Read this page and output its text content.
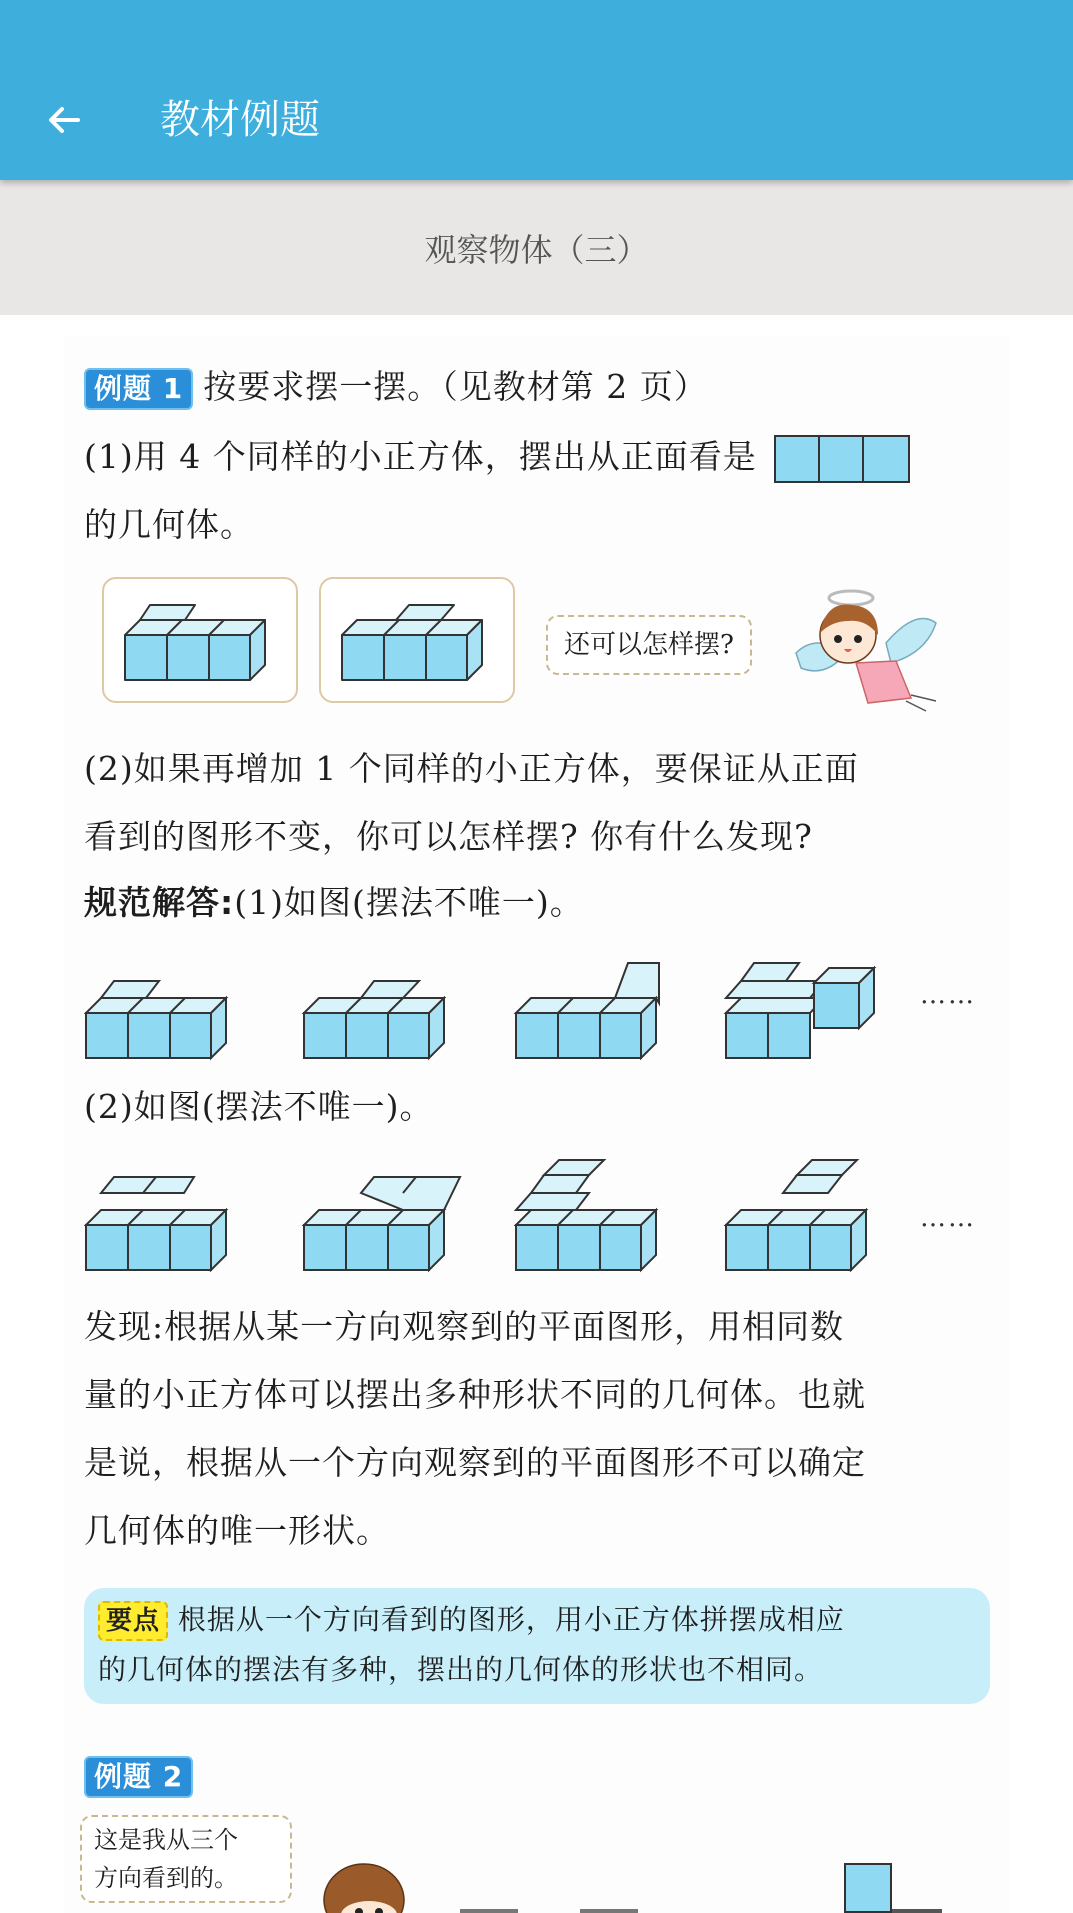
教材例题
观察物体（三）
例题 1 按要求摆一摆。（见教材第 2 页）
(1)用 4 个同样的小正方体，摆出从正面看是
的几何体。
还可以怎样摆?
(2)如果再增加 1 个同样的小正方体，要保证从正面
看到的图形不变，你可以怎样摆? 你有什么发现?
规范解答:(1)如图(摆法不唯一)。
……
(2)如图(摆法不唯一)。
……
发现:根据从某一方向观察到的平面图形，用相同数
量的小正方体可以摆出多种形状不同的几何体。也就
是说，根据从一个方向观察到的平面图形不可以确定
几何体的唯一形状。
要点 根据从一个方向看到的图形，用小正方体拼摆成相应
的几何体的摆法有多种，摆出的几何体的形状也不相同。
例题 2
这是我从三个
方向看到的。
